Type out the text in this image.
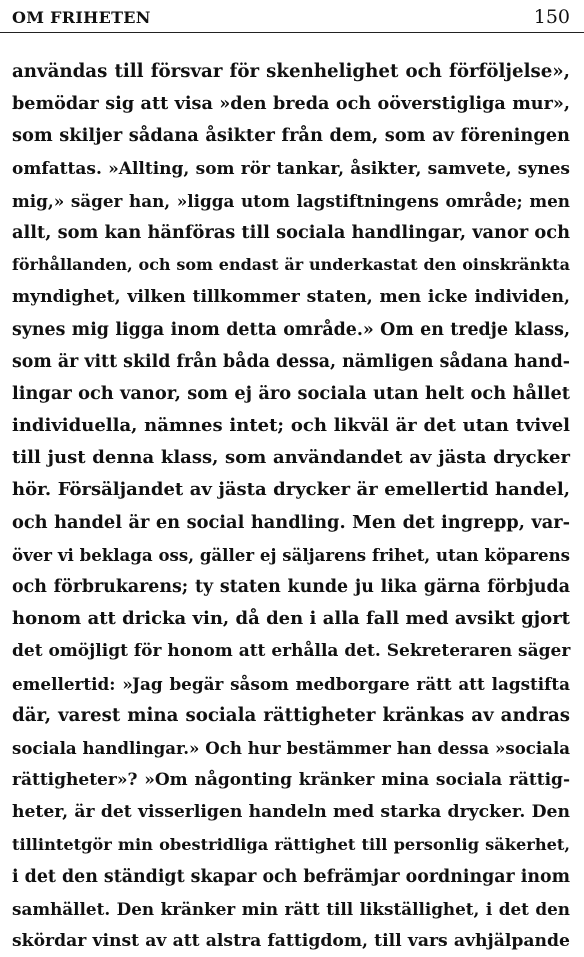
OM FRIHETEN	150
användas till försvar för skenhelighet och förföljelse»,
bemödar sig att visa »den breda och oöverstigliga mur»,
som skiljer sådana åsikter från dem, som av föreningen
omfattas. »Allting, som rör tankar, åsikter, samvete, synes
mig,» säger han, »ligga utom lagstiftningens område; men
allt, som kan hänföras till sociala handlingar, vanor och
förhållanden, och som endast är underkastat den oinskränkta
myndighet, vilken tillkommer staten, men icke individen,
synes mig ligga inom detta område.» Om en tredje klass,
som är vitt skild från båda dessa, nämligen sådana hand-
lingar och vanor, som ej äro sociala utan helt och hållet
individuella, nämnes intet; och likväl är det utan tvivel
till just denna klass, som användandet av jästa drycker
hör. Försäljandet av jästa drycker är emellertid handel,
och handel är en social handling. Men det ingrepp, var-
över vi beklaga oss, gäller ej säljarens frihet, utan köparens
och förbrukarens; ty staten kunde ju lika gärna förbjuda
honom att dricka vin, då den i alla fall med avsikt gjort
det omöjligt för honom att erhålla det. Sekreteraren säger
emellertid: »Jag begär såsom medborgare rätt att lagstifta
där, varest mina sociala rättigheter kränkas av andras
sociala handlingar.» Och hur bestämmer han dessa »sociala
rättigheter»? »Om någonting kränker mina sociala rättig-
heter, är det visserligen handeln med starka drycker. Den
tillintetgör min obestridliga rättighet till personlig säkerhet,
i det den ständigt skapar och befrämjar oordningar inom
samhället. Den kränker min rätt till likställighet, i det den
skördar vinst av att alstra fattigdom, till vars avhjälpande
